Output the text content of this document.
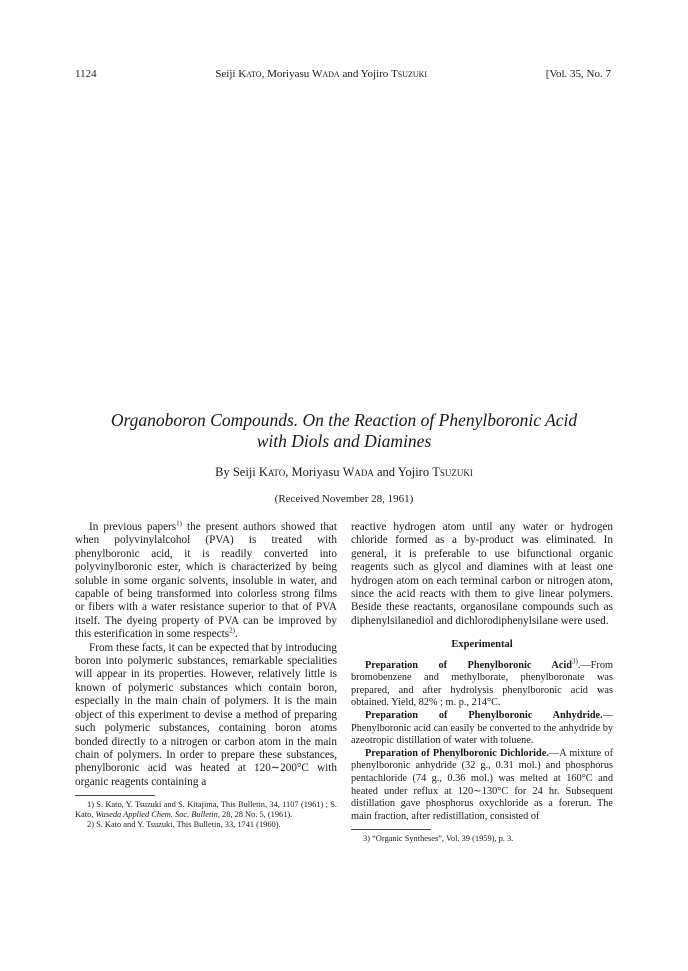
1124	Seiji Kato, Moriyasu Wada and Yojiro Tsuzuki	[Vol. 35, No. 7
Organoboron Compounds. On the Reaction of Phenylboronic Acid
with Diols and Diamines
By Seiji Kato, Moriyasu Wada and Yojiro Tsuzuki
(Received November 28, 1961)

In previous papers$^{1)}$ the present authors showed that when polyvinylalcohol (PVA) is treated with phenylboronic acid, it is readily converted into polyvinylboronic ester, which is characterized by being soluble in some organic solvents, insoluble in water, and capable of being transformed into colorless strong films or fibers with a water resistance superior to that of PVA itself. The dyeing property of PVA can be improved by this esterification in some respects$^{2)}$.

From these facts, it can be expected that by introducing boron into polymeric substances, remarkable specialities will appear in its properties. However, relatively little is known of polymeric substances which contain boron, especially in the main chain of polymers. It is the main object of this experiment to devise a method of preparing such polymeric substances, containing boron atoms bonded directly to a nitrogen or carbon atom in the main chain of polymers. In order to prepare these substances, phenylboronic acid was heated at 120∼200°C with organic reagents containing a

1) S. Kato, Y. Tsuzuki and S. Kitajima, This Bulletin, 34, 1107 (1961) ; S. Kato, Waseda Applied Chem. Soc. Bulletin, 28, 28 No. 5, (1961).

2) S. Kato and Y. Tsuzuki, This Bulletin, 33, 1741 (1960).

reactive hydrogen atom until any water or hydrogen chloride formed as a by-product was eliminated. In general, it is preferable to use bifunctional organic reagents such as glycol and diamines with at least one hydrogen atom on each terminal carbon or nitrogen atom, since the acid reacts with them to give linear polymers. Beside these reactants, organosilane compounds such as diphenylsilanediol and dichlorodiphenylsilane were used.

Experimental

Preparation of Phenylboronic Acid$^{3)}$.—From bromobenzene and methylborate, phenylboronate was prepared, and after hydrolysis phenylboronic acid was obtained. Yield, 82% ; m. p., 214°C.

Preparation of Phenylboronic Anhydride.—Phenylboronic acid can easily be converted to the anhydride by azeotropic distillation of water with toluene.

Preparation of Phenylboronic Dichloride.—A mixture of phenylboronic anhydride (32 g., 0.31 mol.) and phosphorus pentachloride (74 g., 0.36 mol.) was melted at 160°C and heated under reflux at 120∼130°C for 24 hr. Subsequent distillation gave phosphorus oxychloride as a forerun. The main fraction, after redistillation, consisted of

3) “Organic Syntheses”, Vol. 39 (1959), p. 3.
